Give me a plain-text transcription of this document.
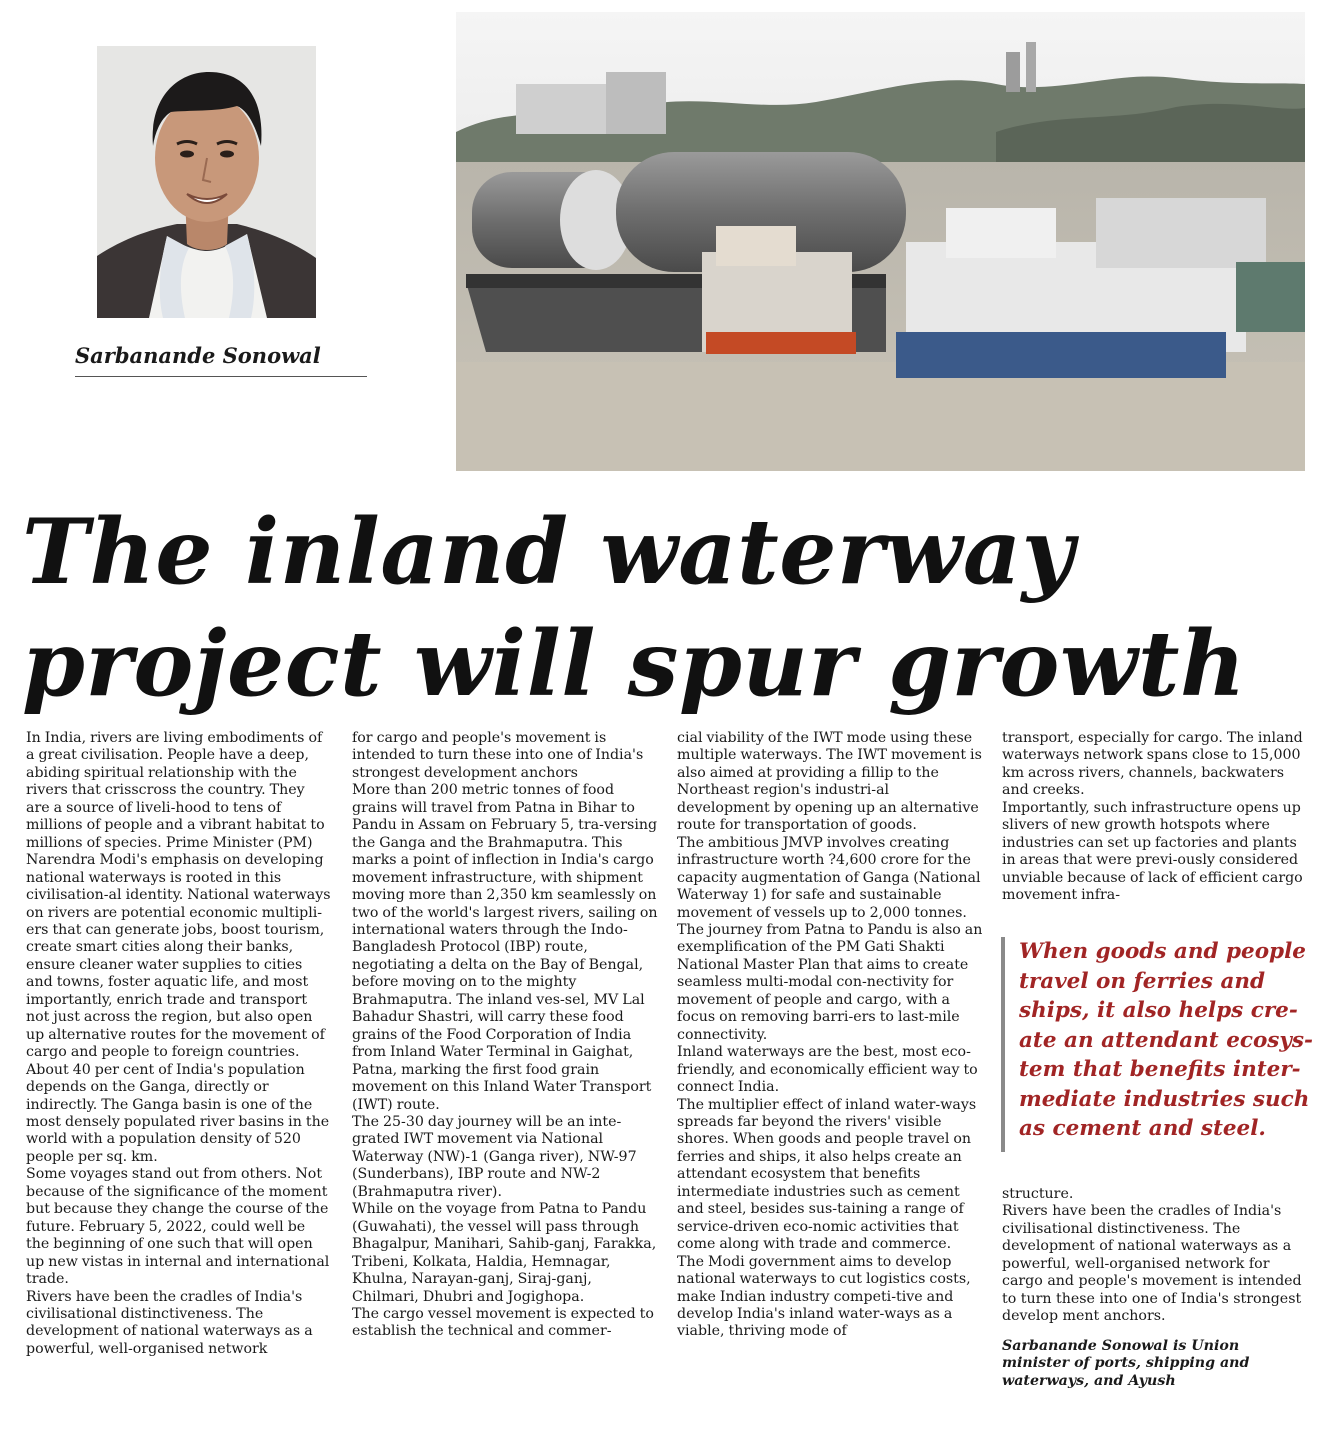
Sarbanande Sonowal
The inland waterway
project will spur growth

In India, rivers are living embodiments of a great civilisation. People have a deep, abiding spiritual relationship with the rivers that crisscross the country. They are a source of liveli-hood to tens of millions of people and a vibrant habitat to millions of species. Prime Minister (PM) Narendra Modi's emphasis on developing national waterways is rooted in this civilisation-al identity. National waterways on rivers are potential economic multipli-ers that can generate jobs, boost tourism, create smart cities along their banks, ensure cleaner water supplies to cities and towns, foster aquatic life, and most importantly, enrich trade and transport not just across the region, but also open up alternative routes for the movement of cargo and people to foreign countries.

About 40 per cent of India's population depends on the Ganga, directly or indirectly. The Ganga basin is one of the most densely populated river basins in the world with a population density of 520 people per sq. km.

Some voyages stand out from others. Not because of the significance of the moment but because they change the course of the future. February 5, 2022, could well be the beginning of one such that will open up new vistas in internal and international trade.

Rivers have been the cradles of India's civilisational distinctiveness. The development of national waterways as a powerful, well-organised network

for cargo and people's movement is intended to turn these into one of India's strongest development anchors

More than 200 metric tonnes of food grains will travel from Patna in Bihar to Pandu in Assam on February 5, tra-versing the Ganga and the Brahmaputra. This marks a point of inflection in India's cargo movement infrastructure, with shipment moving more than 2,350 km seamlessly on two of the world's largest rivers, sailing on international waters through the Indo-Bangladesh Protocol (IBP) route, negotiating a delta on the Bay of Bengal, before moving on to the mighty Brahmaputra. The inland ves-sel, MV Lal Bahadur Shastri, will carry these food grains of the Food Corporation of India from Inland Water Terminal in Gaighat, Patna, marking the first food grain movement on this Inland Water Transport (IWT) route.

The 25-30 day journey will be an inte-grated IWT movement via National Waterway (NW)-1 (Ganga river), NW-97 (Sunderbans), IBP route and NW-2 (Brahmaputra river).

While on the voyage from Patna to Pandu (Guwahati), the vessel will pass through Bhagalpur, Manihari, Sahib-ganj, Farakka, Tribeni, Kolkata, Haldia, Hemnagar, Khulna, Narayan-ganj, Siraj-ganj, Chilmari, Dhubri and Jogighopa.

The cargo vessel movement is expected to establish the technical and commer-

cial viability of the IWT mode using these multiple waterways. The IWT movement is also aimed at providing a fillip to the Northeast region's industri-al development by opening up an alternative route for transportation of goods.

The ambitious JMVP involves creating infrastructure worth ?4,600 crore for the capacity augmentation of Ganga (National Waterway 1) for safe and sustainable movement of vessels up to 2,000 tonnes.

The journey from Patna to Pandu is also an exemplification of the PM Gati Shakti National Master Plan that aims to create seamless multi-modal con-nectivity for movement of people and cargo, with a focus on removing barri-ers to last-mile connectivity.

Inland waterways are the best, most eco-friendly, and economically efficient way to connect India.

The multiplier effect of inland water-ways spreads far beyond the rivers' visible shores. When goods and people travel on ferries and ships, it also helps create an attendant ecosystem that benefits intermediate industries such as cement and steel, besides sus-taining a range of service-driven eco-nomic activities that come along with trade and commerce.

The Modi government aims to develop national waterways to cut logistics costs, make Indian industry competi-tive and develop India's inland water-ways as a viable, thriving mode of

transport, especially for cargo. The inland waterways network spans close to 15,000 km across rivers, channels, backwaters and creeks.

Importantly, such infrastructure opens up slivers of new growth hotspots where industries can set up factories and plants in areas that were previ-ously considered unviable because of lack of efficient cargo movement infra-

When goods and people travel on ferries and ships, it also helps cre-ate an attendant ecosys-tem that benefits inter-mediate industries such as cement and steel.

structure.

Rivers have been the cradles of India's civilisational distinctiveness. The development of national waterways as a powerful, well-organised network for cargo and people's movement is intended to turn these into one of India's strongest develop ment anchors.

Sarbanande Sonowal is Union minister of ports, shipping and waterways, and Ayush
